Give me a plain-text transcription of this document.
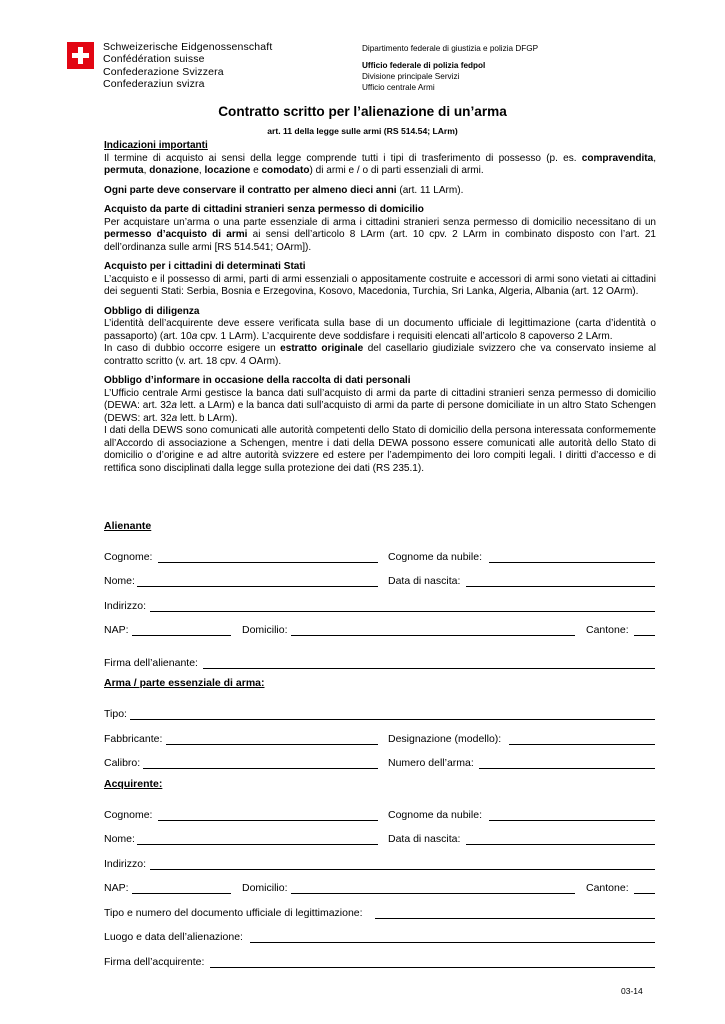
Schweizerische Eidgenossenschaft
Confédération suisse
Confederazione Svizzera
Confederaziun svizra
Dipartimento federale di giustizia e polizia DFGP
Ufficio federale di polizia fedpol
Divisione principale Servizi
Ufficio centrale Armi
Contratto scritto per l’alienazione di un’arma
art. 11 della legge sulle armi (RS 514.54; LArm)

Indicazioni importanti

Il termine di acquisto ai sensi della legge comprende tutti i tipi di trasferimento di possesso (p. es. compravendita, permuta, donazione, locazione e comodato) di armi e / o di parti essenziali di armi.

Ogni parte deve conservare il contratto per almeno dieci anni (art. 11 LArm).

Acquisto da parte di cittadini stranieri senza permesso di domicilio

Per acquistare un’arma o una parte essenziale di arma i cittadini stranieri senza permesso di domicilio necessitano di un permesso d’acquisto di armi ai sensi dell’articolo 8 LArm (art. 10 cpv. 2 LArm in combinato disposto con l’art. 21 dell’ordinanza sulle armi [RS 514.541; OArm]).

Acquisto per i cittadini di determinati Stati

L’acquisto e il possesso di armi, parti di armi essenziali o appositamente costruite e accessori di armi sono vietati ai cittadini dei seguenti Stati: Serbia, Bosnia e Erzegovina, Kosovo, Macedonia, Turchia, Sri Lanka, Algeria, Albania (art. 12 OArm).

Obbligo di diligenza

L’identità dell’acquirente deve essere verificata sulla base di un documento ufficiale di legittimazione (carta d’identità o passaporto) (art. 10a cpv. 1 LArm). L’acquirente deve soddisfare i requisiti elencati all’articolo 8 capoverso 2 LArm.

In caso di dubbio occorre esigere un estratto originale del casellario giudiziale svizzero che va conservato insieme al contratto scritto (v. art. 18 cpv. 4 OArm).

Obbligo d’informare in occasione della raccolta di dati personali

L’Ufficio centrale Armi gestisce la banca dati sull’acquisto di armi da parte di cittadini stranieri senza permesso di domicilio (DEWA: art. 32a lett. a LArm) e la banca dati sull’acquisto di armi da parte di persone domiciliate in un altro Stato Schengen (DEWS: art. 32a lett. b LArm).

I dati della DEWS sono comunicati alle autorità competenti dello Stato di domicilio della persona interessata conformemente all’Accordo di associazione a Schengen, mentre i dati della DEWA possono essere comunicati alle autorità dello Stato di domicilio o d’origine e ad altre autorità svizzere ed estere per l’adempimento dei loro compiti legali. I diritti d’accesso e di rettifica sono disciplinati dalla legge sulla protezione dei dati (RS 235.1).

Alienante
Cognome:	Cognome da nubile:
Nome:	Data di nascita:
Indirizzo:
NAP:	Domicilio:	Cantone:
Firma dell’alienante:
Arma / parte essenziale di arma:
Tipo:
Fabbricante:	Designazione (modello):
Calibro:	Numero dell’arma:
Acquirente:
Cognome:	Cognome da nubile:
Nome:	Data di nascita:
Indirizzo:
NAP:	Domicilio:	Cantone:
Tipo e numero del documento ufficiale di legittimazione:
Luogo e data dell’alienazione:
Firma dell’acquirente:
03-14
